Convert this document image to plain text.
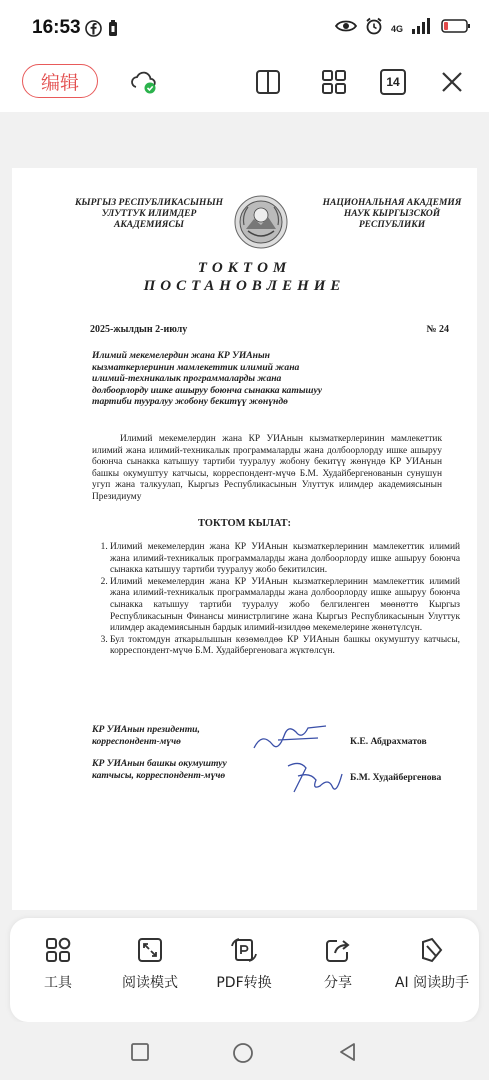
16:53	4G
编辑	14
КЫРГЫЗ РЕСПУБЛИКАСЫНЫН
УЛУТТУК ИЛИМДЕР
АКАДЕМИЯСЫ
НАЦИОНАЛЬНАЯ АКАДЕМИЯ
НАУК КЫРГЫЗСКОЙ
РЕСПУБЛИКИ
ТОКТОМ
ПОСТАНОВЛЕНИЕ
2025-жылдын 2-июлу	№ 24
Илимий мекемелердин жана КР УИАнын кызматкерлеринин мамлекеттик илимий жана илимий-техникалык программаларды жана долбоорлорду ишке ашыруу боюнча сынакка катышуу тартиби тууралуу жобону бекитүү жөнүндө
Илимий мекемелердин жана КР УИАнын кызматкерлеринин мамлекеттик илимий жана илимий-техникалык программаларды жана долбоорлорду ишке ашыруу боюнча сынакка катышуу тартиби тууралуу жобону бекитүү жөнүндө КР УИАнын башкы окумуштуу катчысы, корреспондент-мүчө Б.М. Худайбергенованын сунушун угуп жана талкуулап, Кыргыз Республикасынын Улуттук илимдер академиясынын Президиуму
ТОКТОМ КЫЛАТ:
1. Илимий мекемелердин жана КР УИАнын кызматкерлеринин мамлекеттик илимий жана илимий-техникалык программаларды жана долбоорлорду ишке ашыруу боюнча сынакка катышуу тартиби тууралуу жобо бекитилсин.
2. Илимий мекемелердин жана КР УИАнын кызматкерлеринин мамлекеттик илимий жана илимий-техникалык программаларды жана долбоорлорду ишке ашыруу боюнча сынакка катышуу тартиби тууралуу жобо белгиленген мөөнөттө Кыргыз Республикасынын Финансы министрлигине жана Кыргыз Республикасынын Улуттук илимдер академиясынын бардык илимий-изилдөө мекемелерине жөнөтүлсүн.
3. Бул токтомдун аткарылышын көзөмөлдөө КР УИАнын башкы окумуштуу катчысы, корреспондент-мүчө Б.М. Худайбергеновага жүктөлсүн.
КР УИАнын президенти,
корреспондент-мүчө	К.Е. Абдрахматов
КР УИАнын башкы окумуштуу
катчысы, корреспондент-мүчө	Б.М. Худайбергенова
工具	阅读模式	PDF转换	分享	AI 阅读助手
